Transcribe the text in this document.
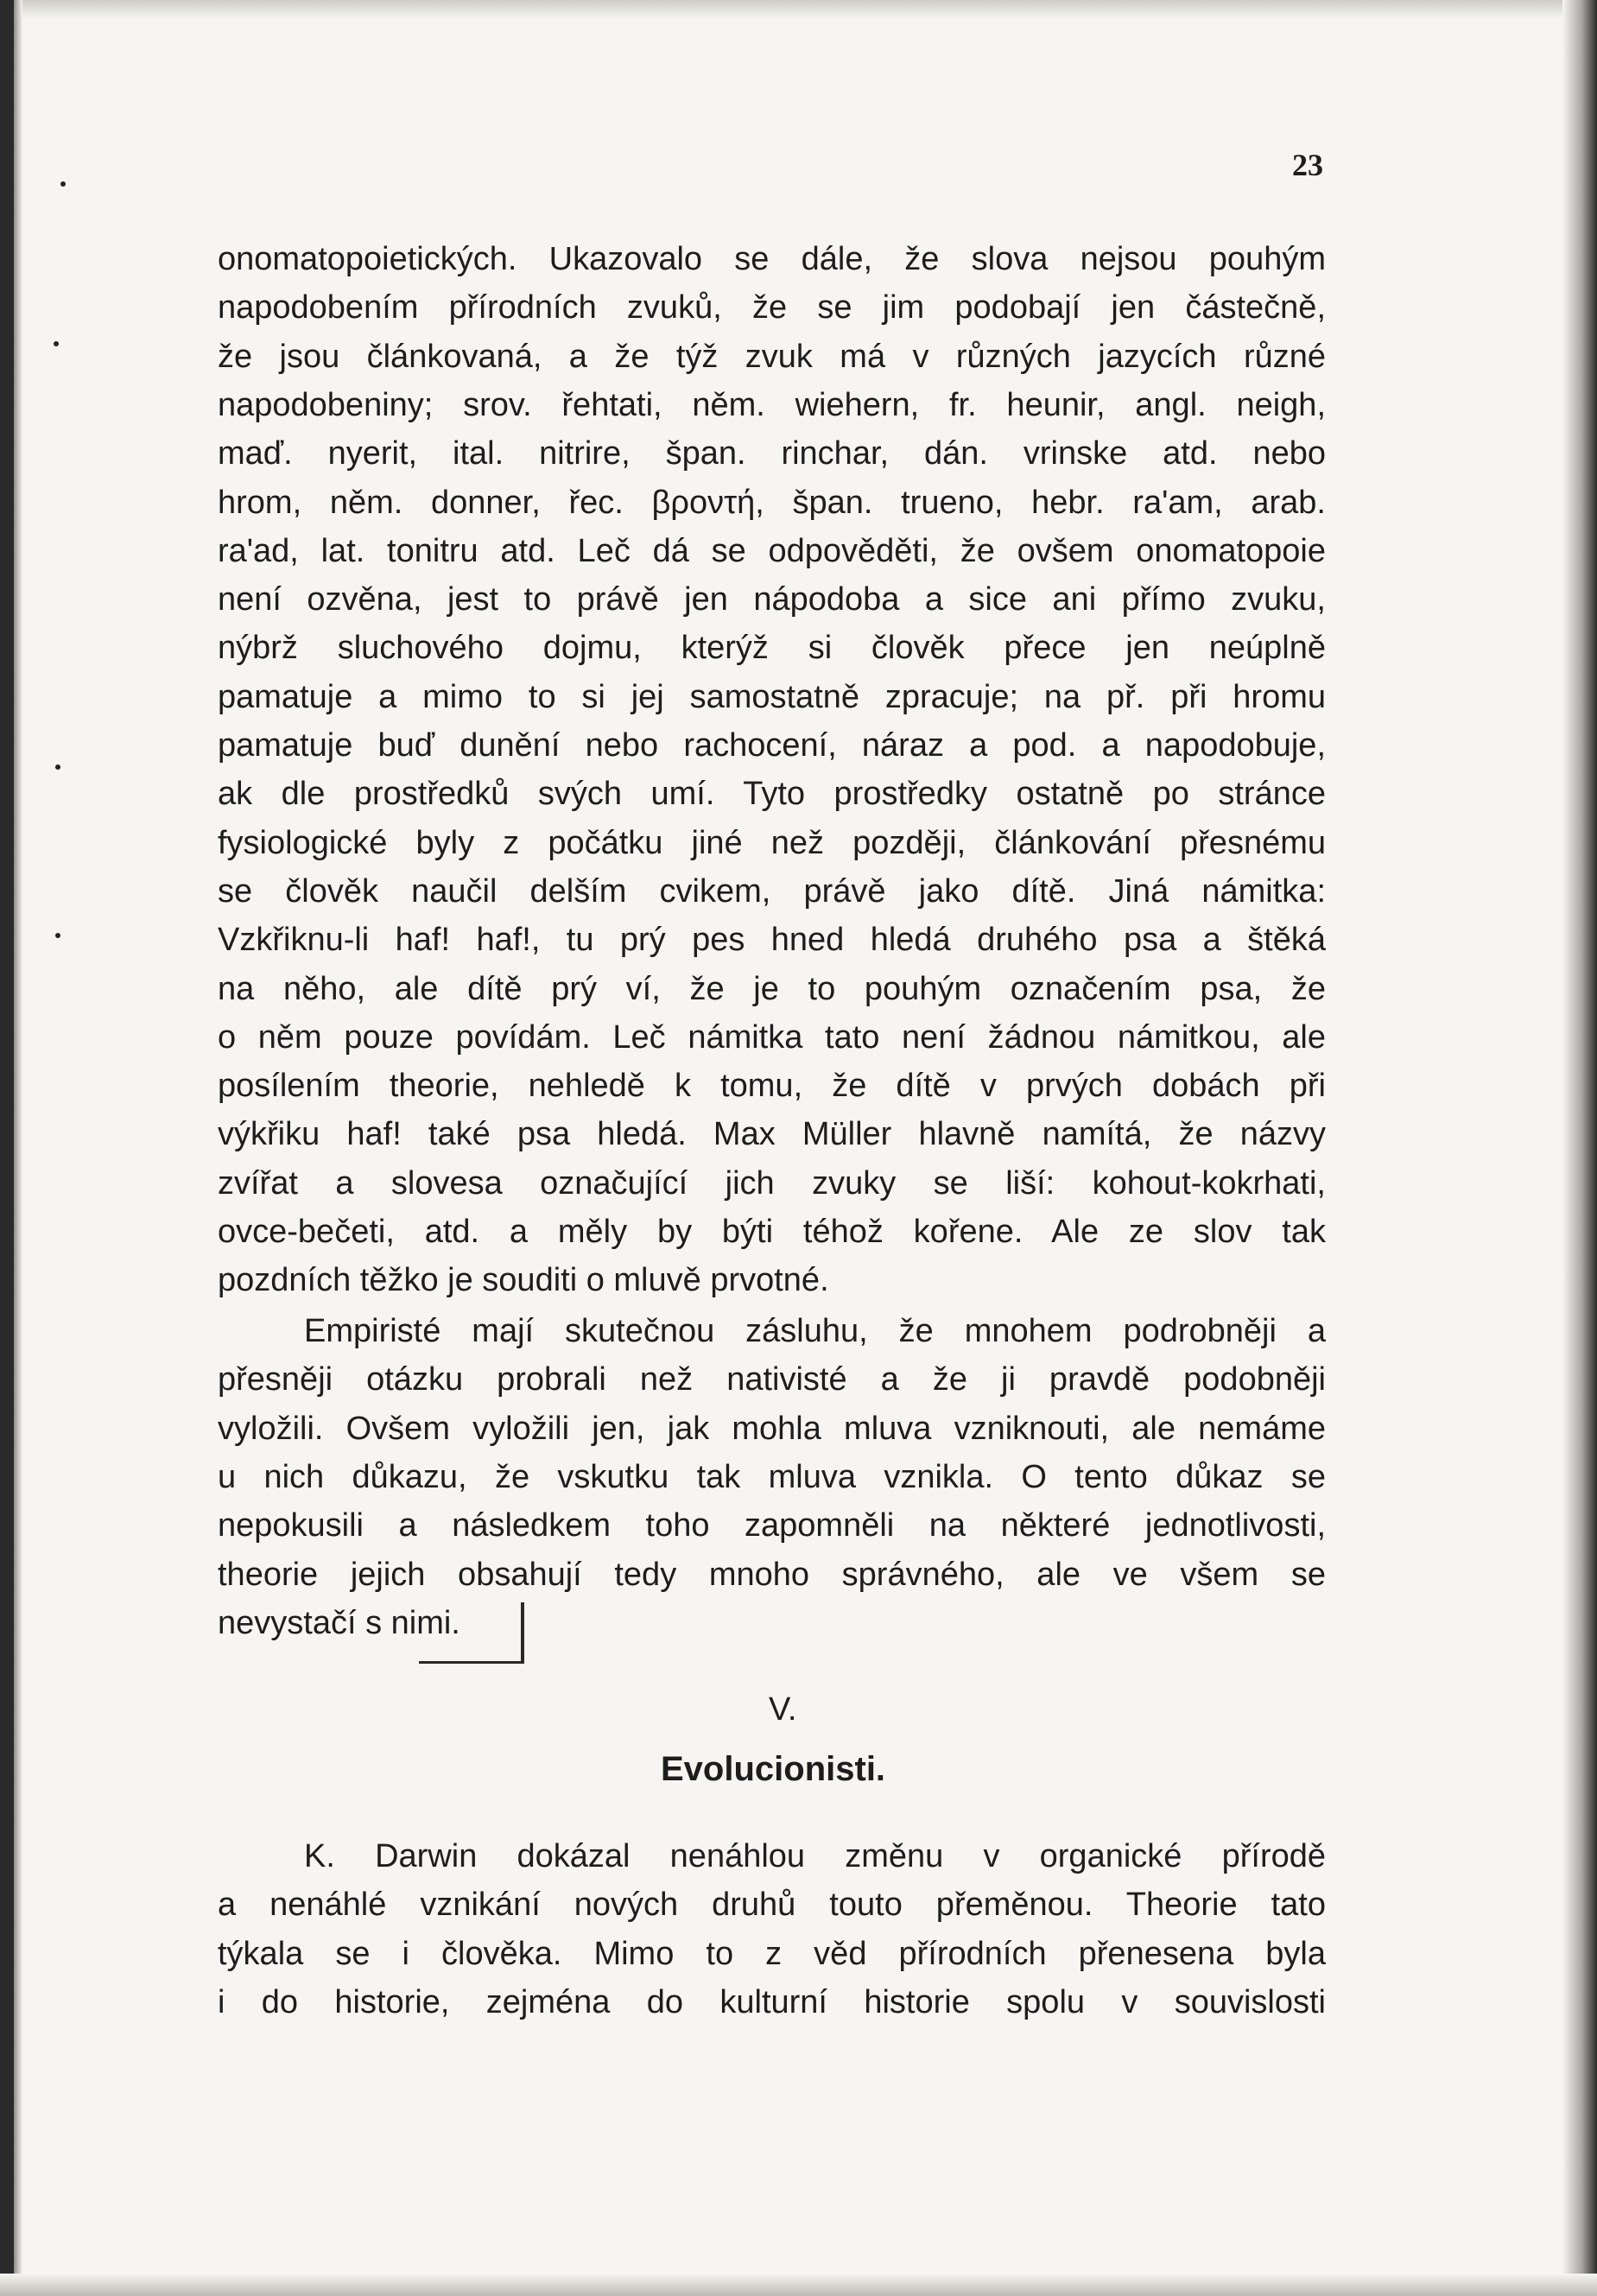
23
onomatopoietických. Ukazovalo se dále, že slova nejsou pouhým
napodobením přírodních zvuků, že se jim podobají jen částečně,
že jsou článkovaná, a že týž zvuk má v různých jazycích různé
napodobeniny; srov. řehtati, něm. wiehern, fr. heunir, angl. neigh,
maď. nyerit, ital. nitrire, špan. rinchar, dán. vrinske atd. nebo
hrom, něm. donner, řec. βροντή, špan. trueno, hebr. ra'am, arab.
ra'ad, lat. tonitru atd. Leč dá se odpověděti, že ovšem onomatopoie
není ozvěna, jest to právě jen nápodoba a sice ani přímo zvuku,
nýbrž sluchového dojmu, kterýž si člověk přece jen neúplně
pamatuje a mimo to si jej samostatně zpracuje; na př. při hromu
pamatuje buď dunění nebo rachocení, náraz a pod. a napodobuje,
ak dle prostředků svých umí. Tyto prostředky ostatně po stránce
fysiologické byly z počátku jiné než později, článkování přesnému
se člověk naučil delším cvikem, právě jako dítě. Jiná námitka:
Vzkřiknu-li haf! haf!, tu prý pes hned hledá druhého psa a štěká
na něho, ale dítě prý ví, že je to pouhým označením psa, že
o něm pouze povídám. Leč námitka tato není žádnou námitkou, ale
posílením theorie, nehledě k tomu, že dítě v prvých dobách při
výkřiku haf! také psa hledá. Max Müller hlavně namítá, že názvy
zvířat a slovesa označující jich zvuky se liší: kohout-kokrhati,
ovce-bečeti, atd. a měly by býti téhož kořene. Ale ze slov tak
pozdních těžko je souditi o mluvě prvotné.
Empiristé mají skutečnou zásluhu, že mnohem podrobněji a
přesněji otázku probrali než nativisté a že ji pravdě podobněji
vyložili. Ovšem vyložili jen, jak mohla mluva vzniknouti, ale nemáme
u nich důkazu, že vskutku tak mluva vznikla. O tento důkaz se
nepokusili a následkem toho zapomněli na některé jednotlivosti,
theorie jejich obsahují tedy mnoho správného, ale ve všem se
nevystačí s nimi.
K. Darwin dokázal nenáhlou změnu v organické přírodě
a nenáhlé vznikání nových druhů touto přeměnou. Theorie tato
týkala se i člověka. Mimo to z věd přírodních přenesena byla
i do historie, zejména do kulturní historie spolu v souvislosti
V.
Evolucionisti.
